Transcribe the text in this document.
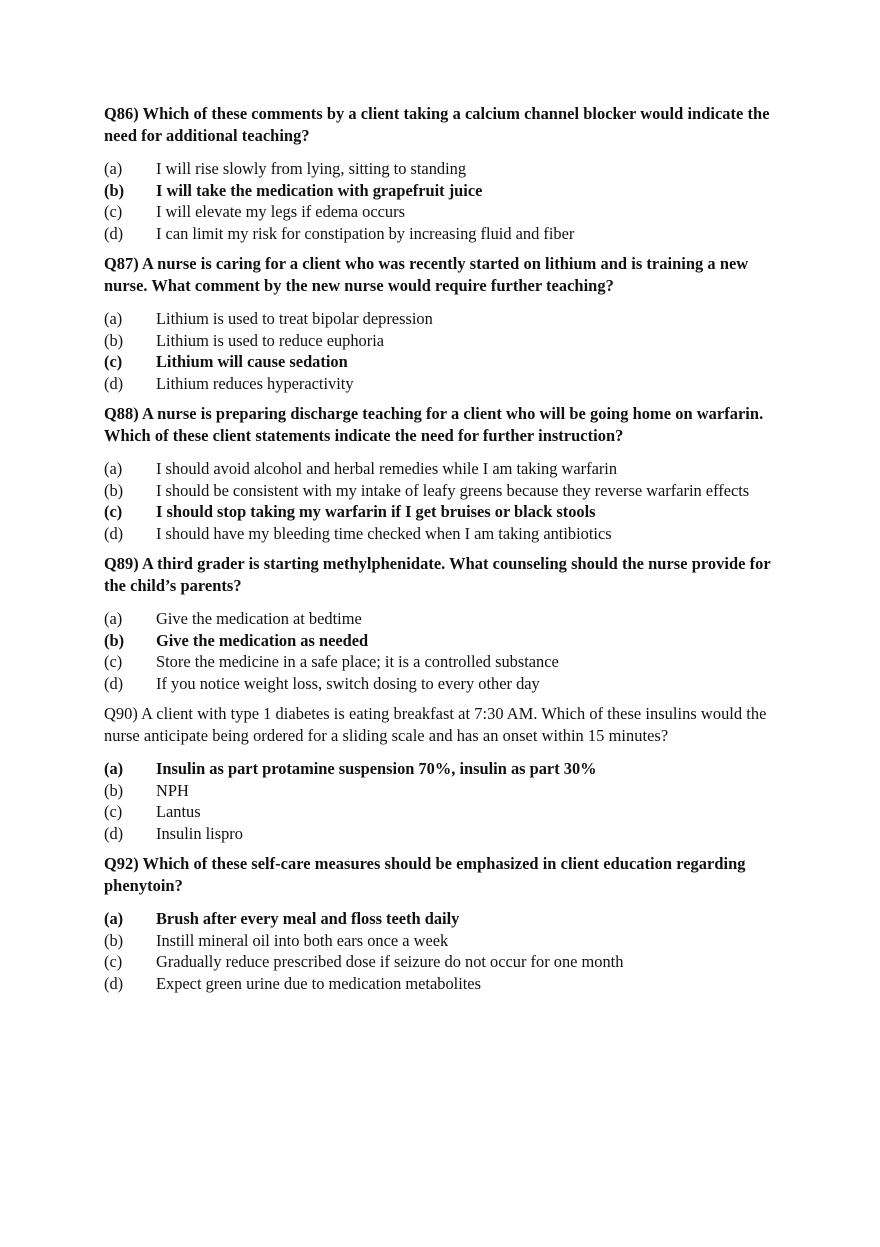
Q86) Which of these comments by a client taking a calcium channel blocker would indicate the need for additional teaching?

(a)	I will rise slowly from lying, sitting to standing
(b)	I will take the medication with grapefruit juice
(c)	I will elevate my legs if edema occurs
(d)	I can limit my risk for constipation by increasing fluid and fiber

Q87) A nurse is caring for a client who was recently started on lithium and is training a new nurse. What comment by the new nurse would require further teaching?

(a)	Lithium is used to treat bipolar depression
(b)	Lithium is used to reduce euphoria
(c)	Lithium will cause sedation
(d)	Lithium reduces hyperactivity

Q88) A nurse is preparing discharge teaching for a client who will be going home on warfarin. Which of these client statements indicate the need for further instruction?

(a)	I should avoid alcohol and herbal remedies while I am taking warfarin
(b)	I should be consistent with my intake of leafy greens because they reverse warfarin effects
(c)	I should stop taking my warfarin if I get bruises or black stools
(d)	I should have my bleeding time checked when I am taking antibiotics

Q89) A third grader is starting methylphenidate. What counseling should the nurse provide for the child’s parents?

(a)	Give the medication at bedtime
(b)	Give the medication as needed
(c)	Store the medicine in a safe place; it is a controlled substance
(d)	If you notice weight loss, switch dosing to every other day

Q90) A client with type 1 diabetes is eating breakfast at 7:30 AM. Which of these insulins would the nurse anticipate being ordered for a sliding scale and has an onset within 15 minutes?

(a)	Insulin as part protamine suspension 70%, insulin as part 30%
(b)	NPH
(c)	Lantus
(d)	Insulin lispro

Q92) Which of these self-care measures should be emphasized in client education regarding phenytoin?

(a)	Brush after every meal and floss teeth daily
(b)	Instill mineral oil into both ears once a week
(c)	Gradually reduce prescribed dose if seizure do not occur for one month
(d)	Expect green urine due to medication metabolites
